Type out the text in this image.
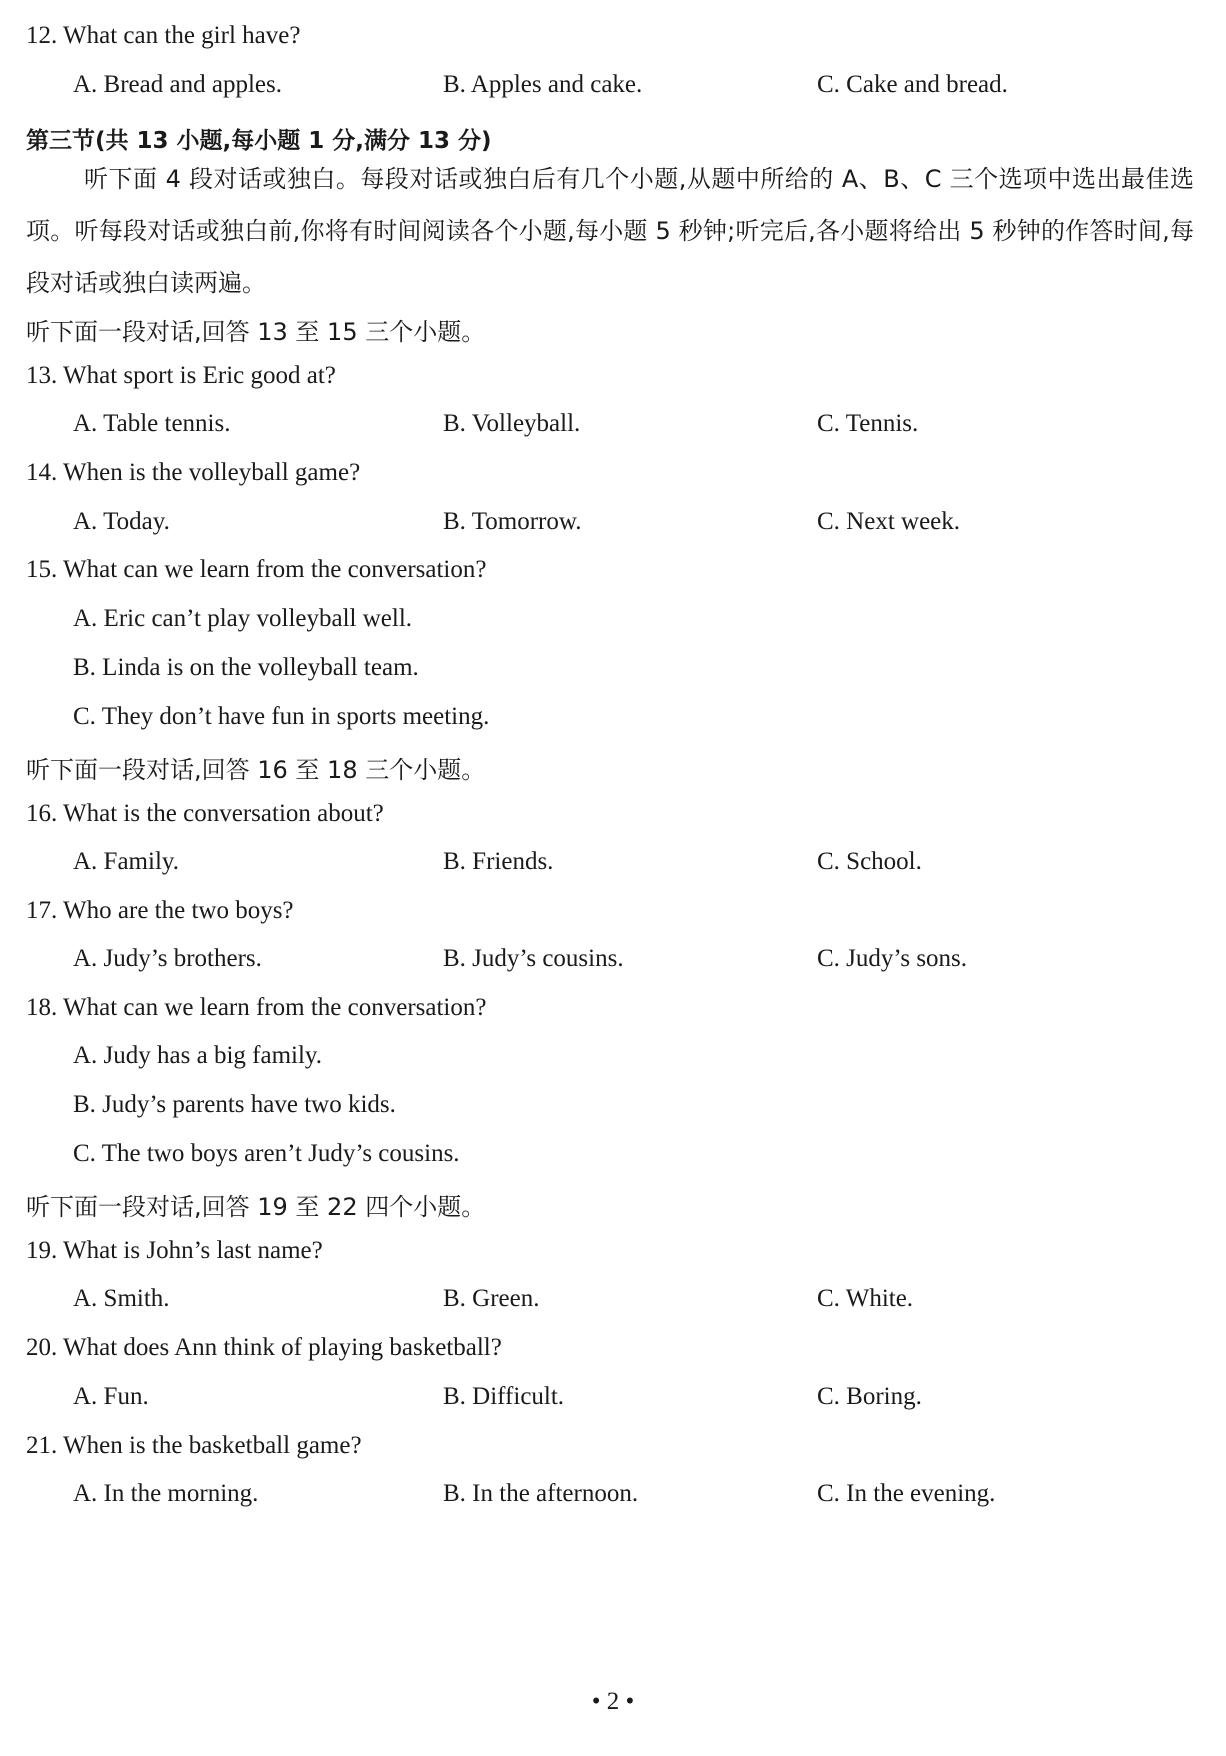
12. What can the girl have?
A. Bread and apples.	B. Apples and cake.	C. Cake and bread.
第三节(共 13 小题,每小题 1 分,满分 13 分)
听下面 4 段对话或独白。每段对话或独白后有几个小题,从题中所给的 A、B、C 三个选项中选出最佳选项。听每段对话或独白前,你将有时间阅读各个小题,每小题 5 秒钟;听完后,各小题将给出 5 秒钟的作答时间,每段对话或独白读两遍。
听下面一段对话,回答 13 至 15 三个小题。
13. What sport is Eric good at?
A. Table tennis.	B. Volleyball.	C. Tennis.
14. When is the volleyball game?
A. Today.	B. Tomorrow.	C. Next week.
15. What can we learn from the conversation?
A. Eric can’t play volleyball well.
B. Linda is on the volleyball team.
C. They don’t have fun in sports meeting.
听下面一段对话,回答 16 至 18 三个小题。
16. What is the conversation about?
A. Family.	B. Friends.	C. School.
17. Who are the two boys?
A. Judy’s brothers.	B. Judy’s cousins.	C. Judy’s sons.
18. What can we learn from the conversation?
A. Judy has a big family.
B. Judy’s parents have two kids.
C. The two boys aren’t Judy’s cousins.
听下面一段对话,回答 19 至 22 四个小题。
19. What is John’s last name?
A. Smith.	B. Green.	C. White.
20. What does Ann think of playing basketball?
A. Fun.	B. Difficult.	C. Boring.
21. When is the basketball game?
A. In the morning.	B. In the afternoon.	C. In the evening.
• 2 •
